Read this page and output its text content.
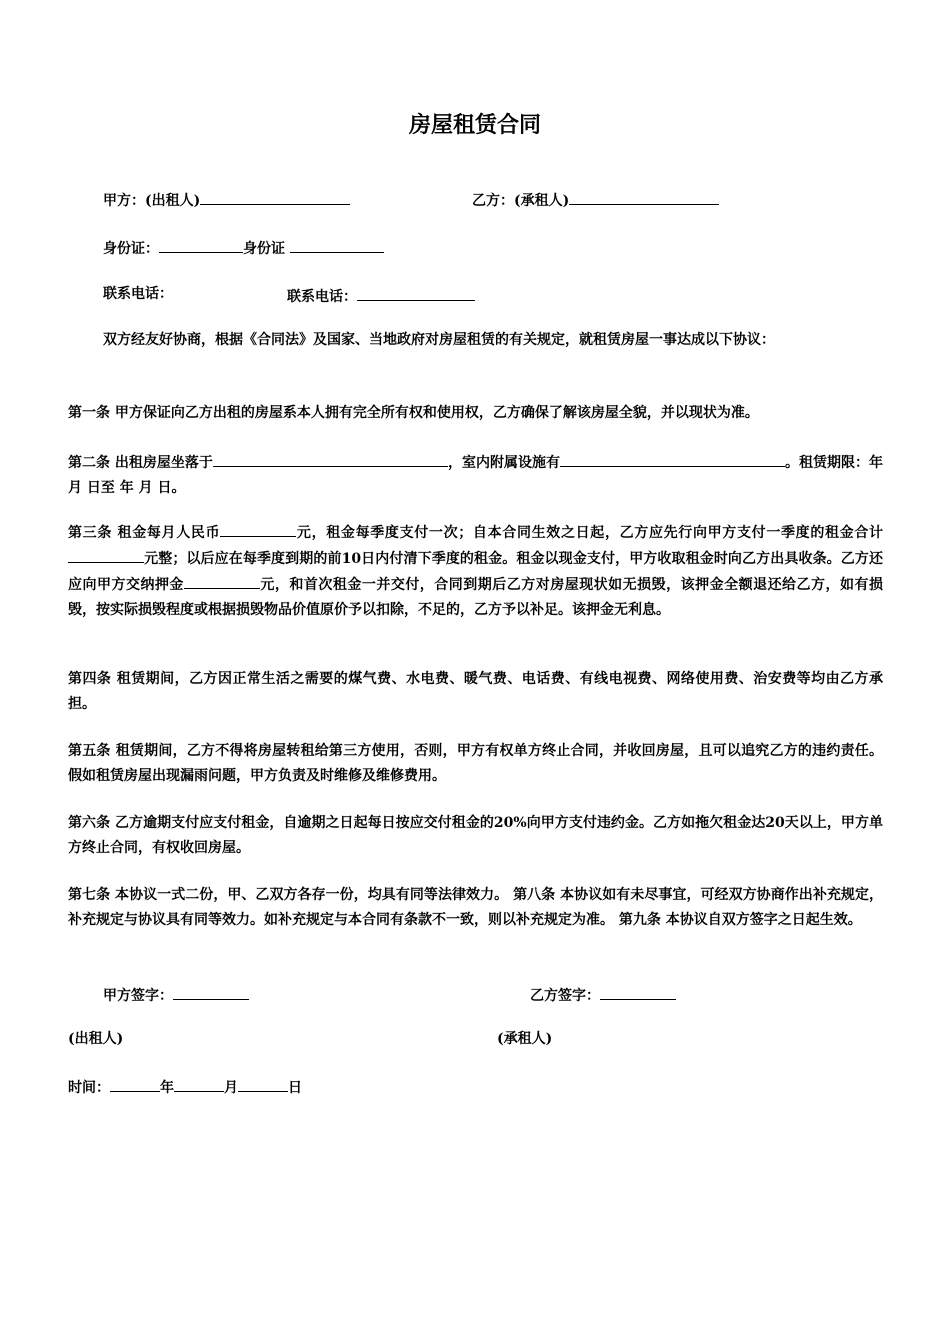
房屋租赁合同
甲方：(出租人)	乙方：(承租人)
身份证：	身份证
联系电话：	联系电话：
双方经友好协商，根据《合同法》及国家、当地政府对房屋租赁的有关规定，就租赁房屋一事达成以下协议：
第一条 甲方保证向乙方出租的房屋系本人拥有完全所有权和使用权，乙方确保了解该房屋全貌，并以现状为准。
第二条 出租房屋坐落于	，室内附属设施有	。租赁期限：年 月 日至 年 月 日。
第三条 租金每月人民币	元，租金每季度支付一次；自本合同生效之日起，乙方应先行向甲方支付一季度的租金合计元整；以后应在每季度到期的前10日内付清下季度的租金。租金以现金支付，甲方收取租金时向乙方出具收条。乙方还应向甲方交纳押金	元，和首次租金一并交付，合同到期后乙方对房屋现状如无损毁，该押金全额退还给乙方，如有损毁，按实际损毁程度或根据损毁物品价值原价予以扣除，不足的，乙方予以补足。该押金无利息。
第四条 租赁期间，乙方因正常生活之需要的煤气费、水电费、暖气费、电话费、有线电视费、网络使用费、治安费等均由乙方承担。
第五条 租赁期间，乙方不得将房屋转租给第三方使用，否则，甲方有权单方终止合同，并收回房屋，且可以追究乙方的违约责任。假如租赁房屋出现漏雨问题，甲方负责及时维修及维修费用。
第六条 乙方逾期支付应支付租金，自逾期之日起每日按应交付租金的20%向甲方支付违约金。乙方如拖欠租金达20天以上，甲方单方终止合同，有权收回房屋。
第七条 本协议一式二份，甲、乙双方各存一份，均具有同等法律效力。 第八条 本协议如有未尽事宜，可经双方协商作出补充规定，补充规定与协议具有同等效力。如补充规定与本合同有条款不一致，则以补充规定为准。 第九条 本协议自双方签字之日起生效。
甲方签字：	乙方签字：
(出租人)	(承租人)
时间：	年	月	日
